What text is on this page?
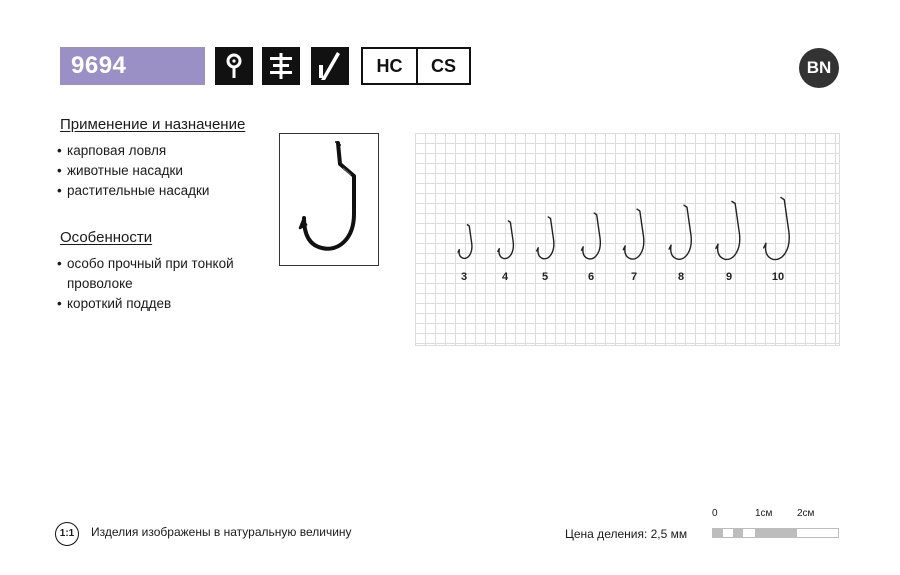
9694	HC	CS	BN
Применение и назначение
• карповая ловля
• животные насадки
• растительные насадки
Особенности
• особо прочный при тонкой проволоке
• короткий поддев
3	4	5	6	7	8	9	10
1:1	Изделия изображены в натуральную величину	Цена деления: 2,5 мм
0	1см 2см
